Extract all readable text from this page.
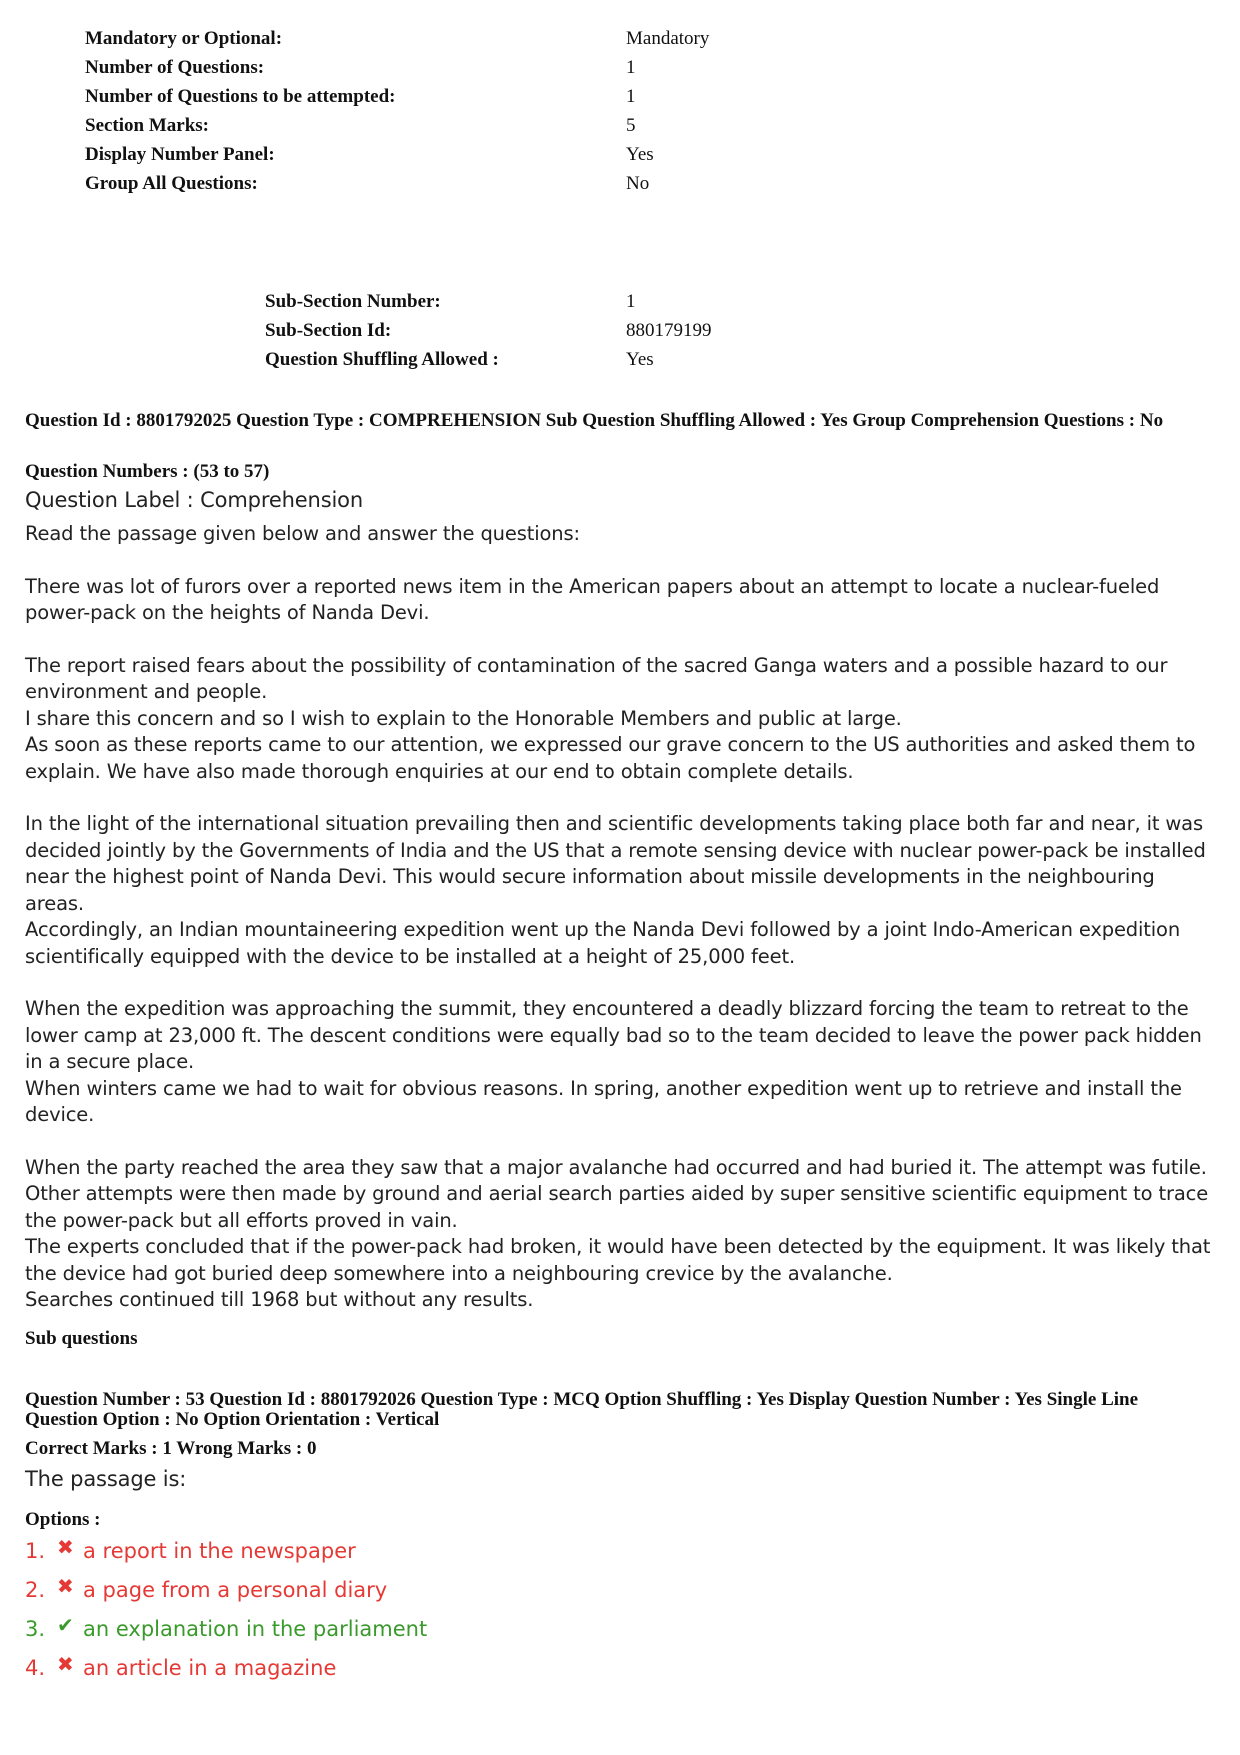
Mandatory or Optional:	Mandatory
Number of Questions:	1
Number of Questions to be attempted:	1
Section Marks:	5
Display Number Panel:	Yes
Group All Questions:	No
Sub-Section Number:	1
Sub-Section Id:	880179199
Question Shuffling Allowed :	Yes
Question Id : 8801792025 Question Type : COMPREHENSION Sub Question Shuffling Allowed : Yes Group Comprehension Questions : No
Question Numbers : (53 to 57)

Question Label : Comprehension

Read the passage given below and answer the questions:

There was lot of furors over a reported news item in the American papers about an attempt to locate a nuclear-fueled power-pack on the heights of Nanda Devi.

The report raised fears about the possibility of contamination of the sacred Ganga waters and a possible hazard to our environment and people.

I share this concern and so I wish to explain to the Honorable Members and public at large.

As soon as these reports came to our attention, we expressed our grave concern to the US authorities and asked them to explain. We have also made thorough enquiries at our end to obtain complete details.

In the light of the international situation prevailing then and scientific developments taking place both far and near, it was decided jointly by the Governments of India and the US that a remote sensing device with nuclear power-pack be installed near the highest point of Nanda Devi. This would secure information about missile developments in the neighbouring areas.

Accordingly, an Indian mountaineering expedition went up the Nanda Devi followed by a joint Indo-American expedition scientifically equipped with the device to be installed at a height of 25,000 feet.

When the expedition was approaching the summit, they encountered a deadly blizzard forcing the team to retreat to the lower camp at 23,000 ft. The descent conditions were equally bad so to the team decided to leave the power pack hidden in a secure place.

When winters came we had to wait for obvious reasons. In spring, another expedition went up to retrieve and install the device.

When the party reached the area they saw that a major avalanche had occurred and had buried it. The attempt was futile. Other attempts were then made by ground and aerial search parties aided by super sensitive scientific equipment to trace the power-pack but all efforts proved in vain.

The experts concluded that if the power-pack had broken, it would have been detected by the equipment. It was likely that the device had got buried deep somewhere into a neighbouring crevice by the avalanche.

Searches continued till 1968 but without any results.

Sub questions
Question Number : 53 Question Id : 8801792026 Question Type : MCQ Option Shuffling : Yes Display Question Number : Yes Single Line Question Option : No Option Orientation : Vertical
Correct Marks : 1 Wrong Marks : 0
The passage is:
Options :
1. ✖ a report in the newspaper
2. ✖ a page from a personal diary
3. ✔ an explanation in the parliament
4. ✖ an article in a magazine
